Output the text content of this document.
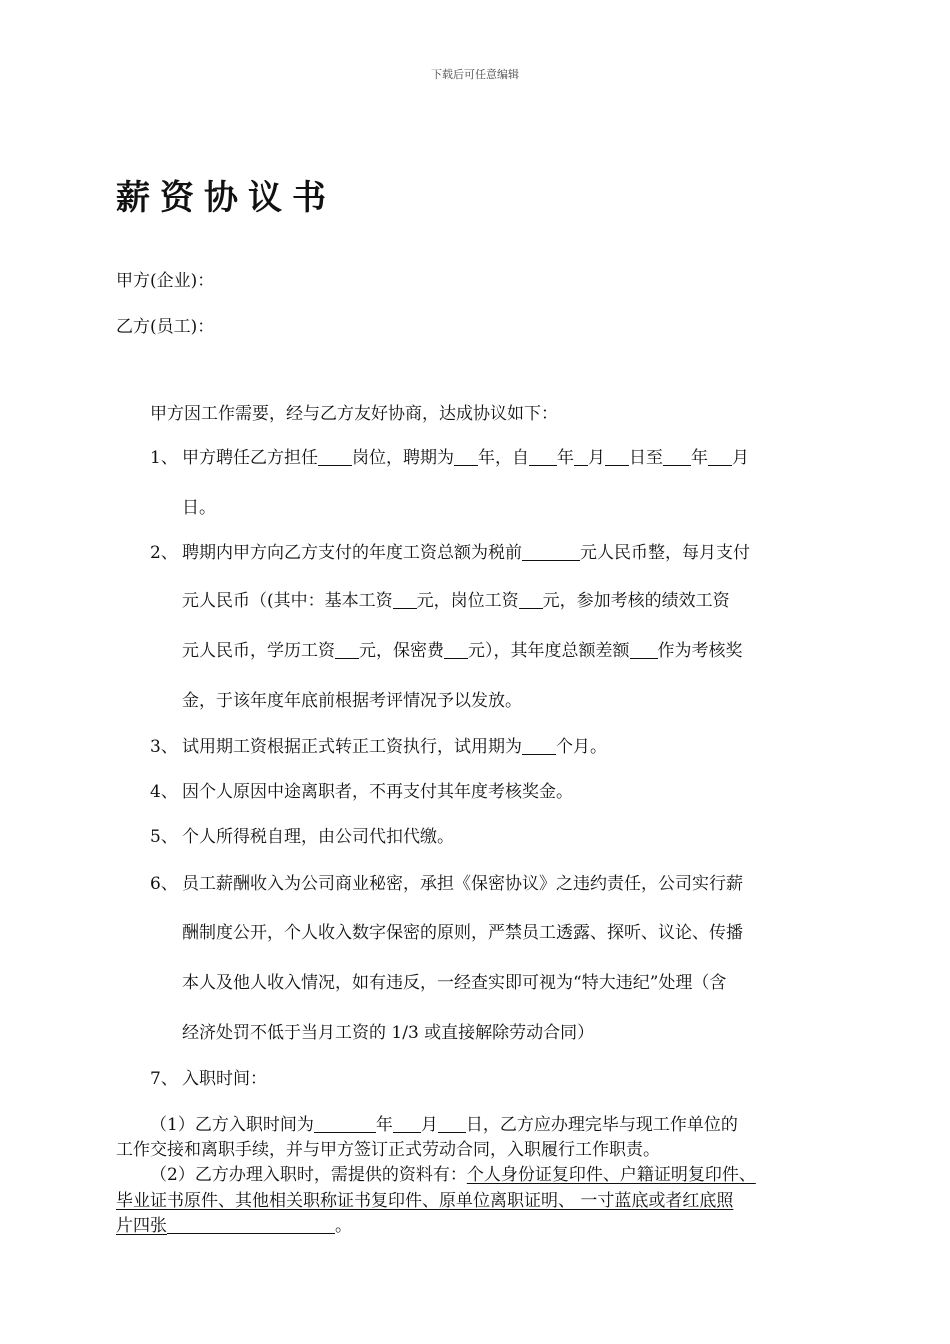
下载后可任意编辑
薪资协议书
甲方(企业)：
乙方(员工)：
甲方因工作需要，经与乙方友好协商，达成协议如下：
1、 甲方聘任乙方担任 岗位，聘期为 年，自 年 月 日至 年 月
日。
2、 聘期内甲方向乙方支付的年度工资总额为税前	元人民币整，每月支付
元人民币（(其中：基本工资 元，岗位工资 元，参加考核的绩效工资
元人民币，学历工资 元，保密费 元），其年度总额差额 作为考核奖
金，于该年度年底前根据考评情况予以发放。
3、 试用期工资根据正式转正工资执行，试用期为 个月。
4、 因个人原因中途离职者，不再支付其年度考核奖金。
5、 个人所得税自理，由公司代扣代缴。
6、 员工薪酬收入为公司商业秘密，承担《保密协议》之违约责任，公司实行薪
酬制度公开，个人收入数字保密的原则，严禁员工透露、探听、议论、传播
本人及他人收入情况，如有违反，一经查实即可视为“特大违纪”处理（含
经济处罚不低于当月工资的 1/3 或直接解除劳动合同）
7、 入职时间：
（1）乙方入职时间为	年 月 日，乙方应办理完毕与现工作单位的
工作交接和离职手续，并与甲方签订正式劳动合同，入职履行工作职责。
（2）乙方办理入职时，需提供的资料有：个人身份证复印件、户籍证明复印件、
毕业证书原件、其他相关职称证书复印件、原单位离职证明、 一寸蓝底或者红底照
片四张	。
